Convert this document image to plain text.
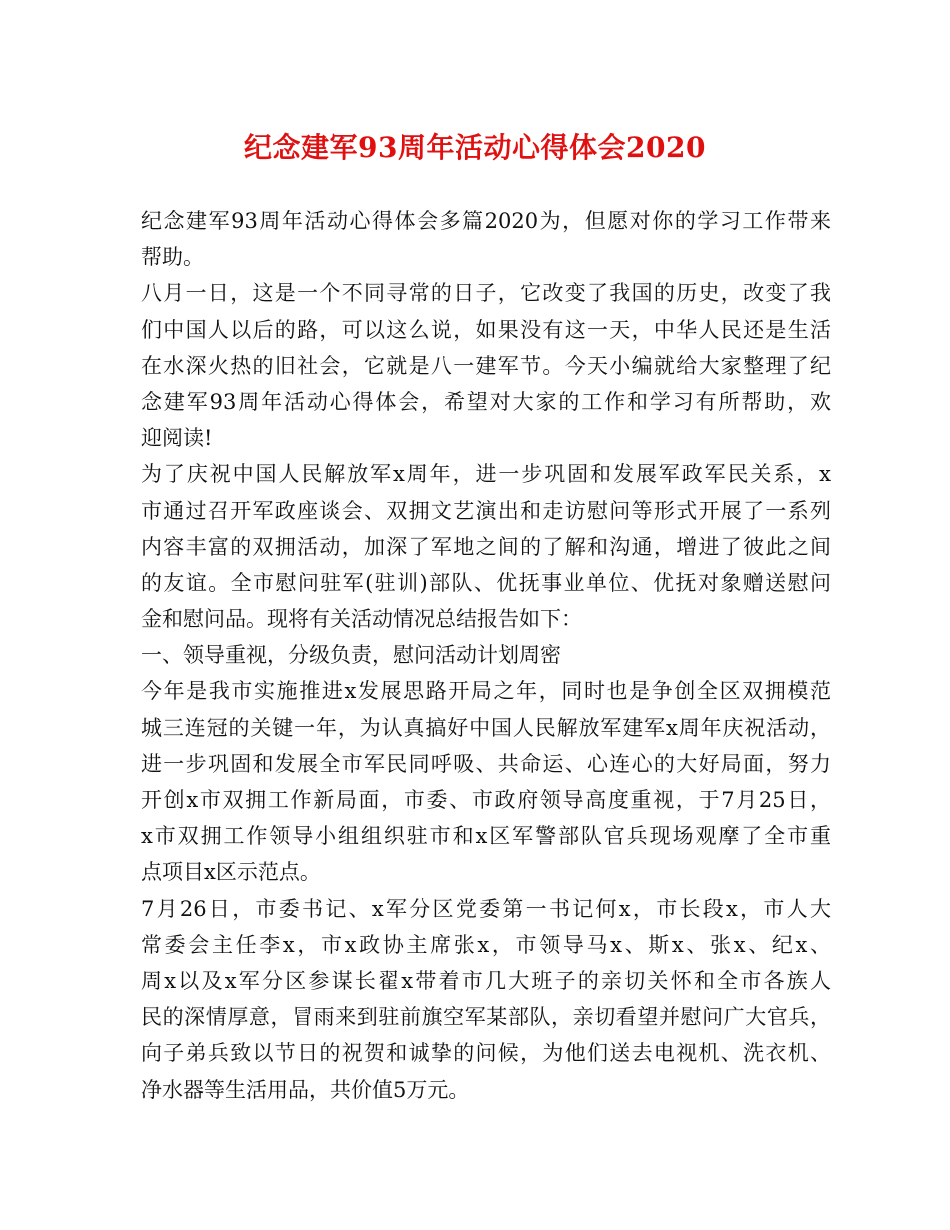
纪念建军93周年活动心得体会2020
纪念建军93周年活动心得体会多篇2020为，但愿对你的学习工作带来
帮助。
八月一日，这是一个不同寻常的日子，它改变了我国的历史，改变了我
们中国人以后的路，可以这么说，如果没有这一天，中华人民还是生活
在水深火热的旧社会，它就是八一建军节。今天小编就给大家整理了纪
念建军93周年活动心得体会，希望对大家的工作和学习有所帮助，欢
迎阅读!
为了庆祝中国人民解放军x周年，进一步巩固和发展军政军民关系，x
市通过召开军政座谈会、双拥文艺演出和走访慰问等形式开展了一系列
内容丰富的双拥活动，加深了军地之间的了解和沟通，增进了彼此之间
的友谊。全市慰问驻军(驻训)部队、优抚事业单位、优抚对象赠送慰问
金和慰问品。现将有关活动情况总结报告如下：
一、领导重视，分级负责，慰问活动计划周密
今年是我市实施推进x发展思路开局之年，同时也是争创全区双拥模范
城三连冠的关键一年，为认真搞好中国人民解放军建军x周年庆祝活动，
进一步巩固和发展全市军民同呼吸、共命运、心连心的大好局面，努力
开创x市双拥工作新局面，市委、市政府领导高度重视，于7月25日，
x市双拥工作领导小组组织驻市和x区军警部队官兵现场观摩了全市重
点项目x区示范点。
7月26日，市委书记、x军分区党委第一书记何x，市长段x，市人大
常委会主任李x，市x政协主席张x，市领导马x、斯x、张x、纪x、
周x以及x军分区参谋长翟x带着市几大班子的亲切关怀和全市各族人
民的深情厚意，冒雨来到驻前旗空军某部队，亲切看望并慰问广大官兵，
向子弟兵致以节日的祝贺和诚挚的问候，为他们送去电视机、洗衣机、
净水器等生活用品，共价值5万元。
